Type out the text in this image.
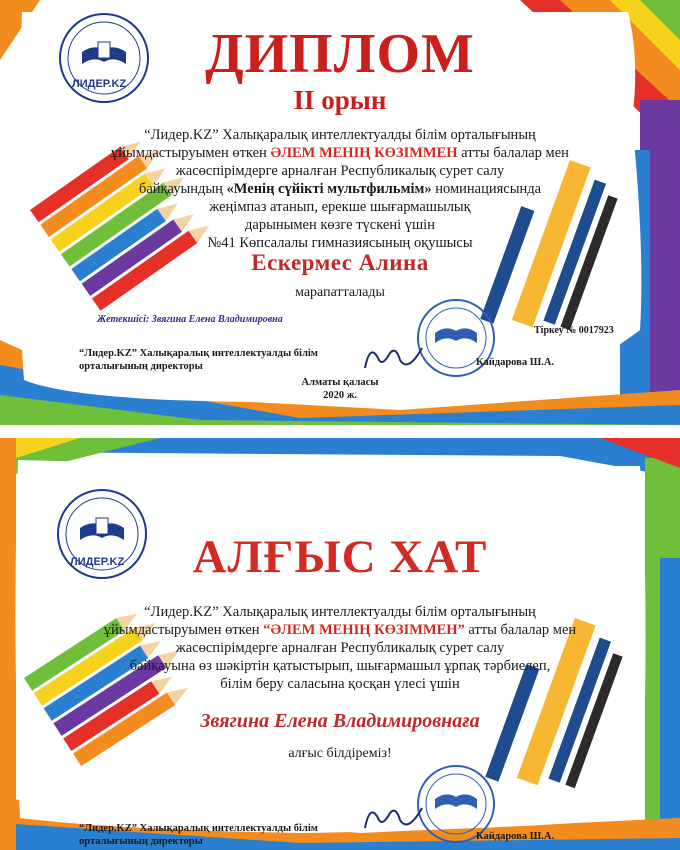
ЛИДЕР.KZ	ДИПЛОМ
II орын
“Лидер.KZ” Халықаралық интеллектуалды білім орталығының
ұйымдастыруымен өткен ӘЛЕМ МЕНІҢ КӨЗІММЕН атты балалар мен
жасөспірімдерге арналған Республикалық сурет салу
байқауындың «Менің сүйікті мультфильмім» номинациясында
жеңімпаз атанып, ерекше шығармашылық
дарынымен көзге түскені үшін
№41 Көпсалалы гимназиясының оқушысы
Ескермес Алина
марапатталады
Жетекшісі: Звягина Елена Владимировна
Тіркеу № 0017923
“Лидер.KZ” Халықаралық интеллектуалды білім
орталығының директоры	Кайдарова Ш.А.
Алматы қаласы
2020 ж.
ЛИДЕР.KZ	АЛҒЫС ХАТ
“Лидер.KZ” Халықаралық интеллектуалды білім орталығының
ұйымдастыруымен өткен “ӘЛЕМ МЕНІҢ КӨЗІММЕН” атты балалар мен
жасөспірімдерге арналған Республикалық сурет салу
байқауына өз шәкіртін қатыстырып, шығармашыл ұрпақ тәрбиелеп,
білім беру саласына қосқан үлесі үшін
Звягина Елена Владимировнаға
алғыс білдіреміз!
“Лидер.KZ” Халықаралық интеллектуалды білім
орталығының директоры	Кайдарова Ш.А.
